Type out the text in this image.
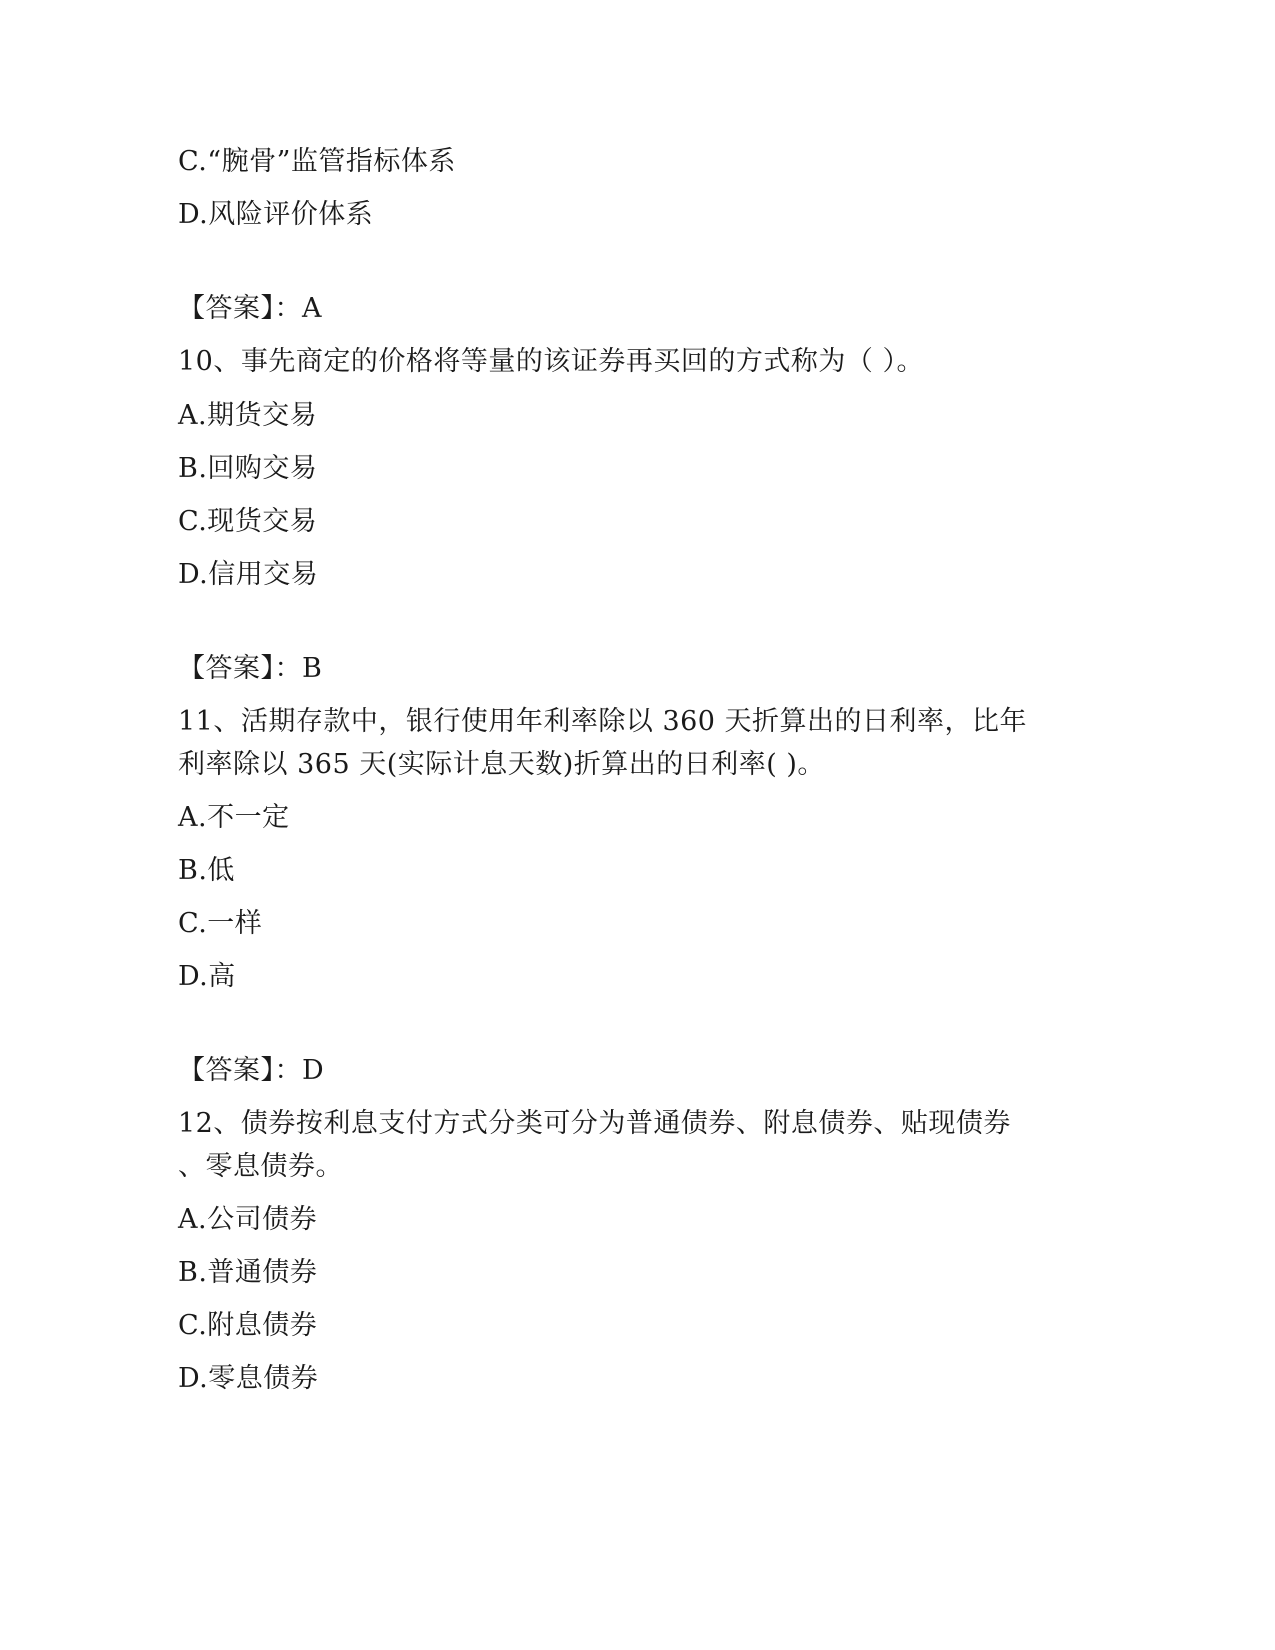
C.“腕骨”监管指标体系
D.风险评价体系
【答案】：A
10、事先商定的价格将等量的该证券再买回的方式称为（ ）。
A.期货交易
B.回购交易
C.现货交易
D.信用交易
【答案】：B
11、活期存款中，银行使用年利率除以 360 天折算出的日利率，比年
利率除以 365 天(实际计息天数)折算出的日利率( )。
A.不一定
B.低
C.一样
D.高
【答案】：D
12、债券按利息支付方式分类可分为普通债券、附息债券、贴现债券
、零息债券。
A.公司债券
B.普通债券
C.附息债券
D.零息债券
